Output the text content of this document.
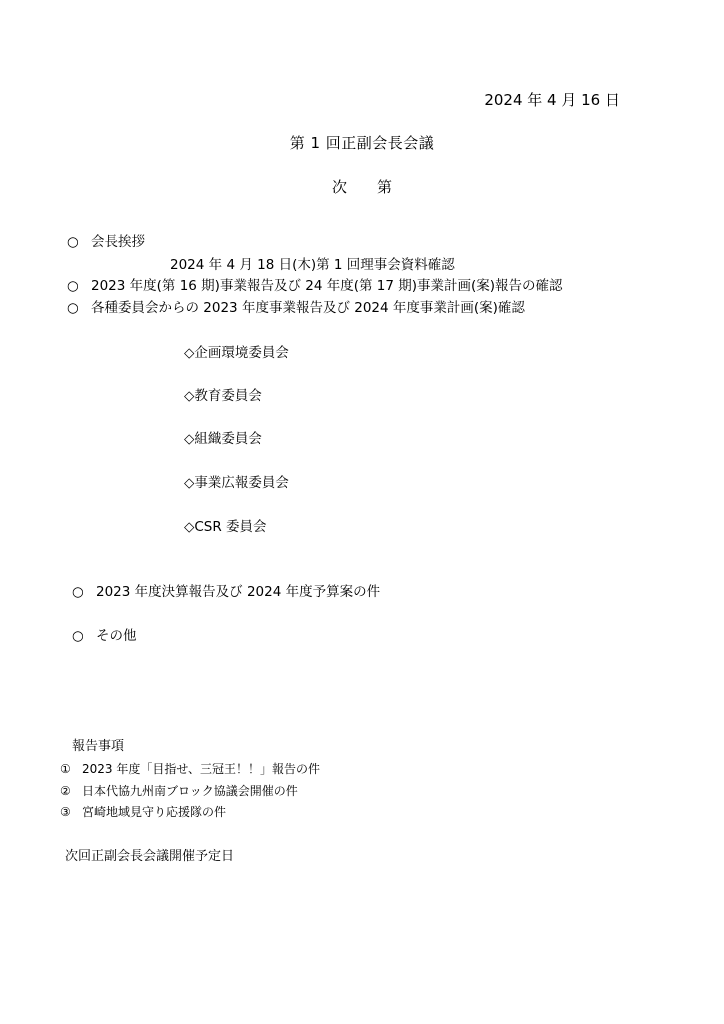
2024 年 4 月 16 日
第 1 回正副会長会議
次 第
○ 会長挨拶
2024 年 4 月 18 日(木)第 1 回理事会資料確認
○ 2023 年度(第 16 期)事業報告及び 24 年度(第 17 期)事業計画(案)報告の確認
○ 各種委員会からの 2023 年度事業報告及び 2024 年度事業計画(案)確認
◇企画環境委員会
◇教育委員会
◇組織委員会
◇事業広報委員会
◇CSR 委員会
○ 2023 年度決算報告及び 2024 年度予算案の件
○ その他
報告事項
① 2023 年度「目指せ、三冠王！！」報告の件
② 日本代協九州南ブロック協議会開催の件
③ 宮崎地域見守り応援隊の件
次回正副会長会議開催予定日
